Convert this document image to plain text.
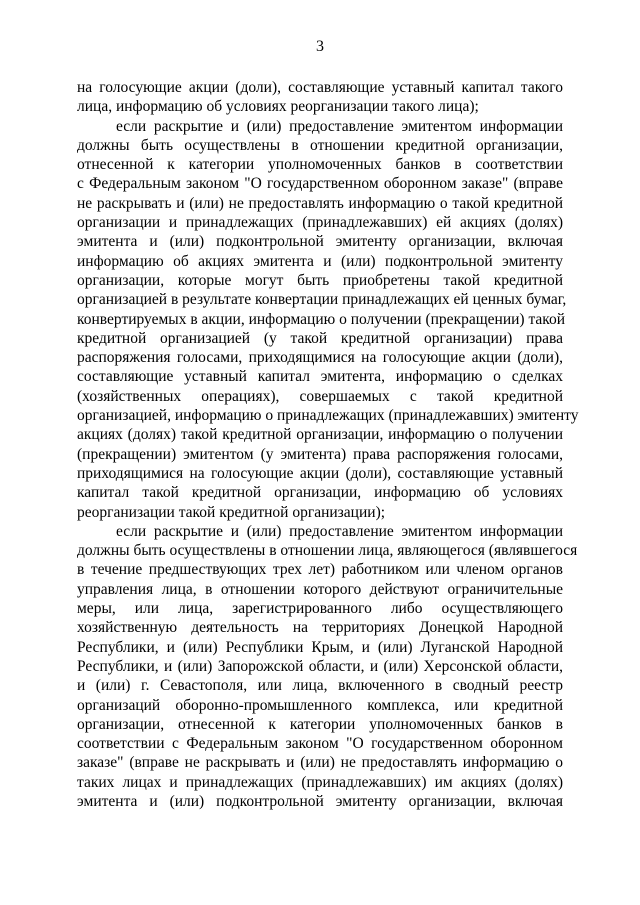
3
на голосующие акции (доли), составляющие уставный капитал такого
лица, информацию об условиях реорганизации такого лица);
если раскрытие и (или) предоставление эмитентом информации
должны быть осуществлены в отношении кредитной организации,
отнесенной к категории уполномоченных банков в соответствии
с Федеральным законом "О государственном оборонном заказе" (вправе
не раскрывать и (или) не предоставлять информацию о такой кредитной
организации и принадлежащих (принадлежавших) ей акциях (долях)
эмитента и (или) подконтрольной эмитенту организации, включая
информацию об акциях эмитента и (или) подконтрольной эмитенту
организации, которые могут быть приобретены такой кредитной
организацией в результате конвертации принадлежащих ей ценных бумаг,
конвертируемых в акции, информацию о получении (прекращении) такой
кредитной организацией (у такой кредитной организации) права
распоряжения голосами, приходящимися на голосующие акции (доли),
составляющие уставный капитал эмитента, информацию о сделках
(хозяйственных операциях), совершаемых с такой кредитной
организацией, информацию о принадлежащих (принадлежавших) эмитенту
акциях (долях) такой кредитной организации, информацию о получении
(прекращении) эмитентом (у эмитента) права распоряжения голосами,
приходящимися на голосующие акции (доли), составляющие уставный
капитал такой кредитной организации, информацию об условиях
реорганизации такой кредитной организации);
если раскрытие и (или) предоставление эмитентом информации
должны быть осуществлены в отношении лица, являющегося (являвшегося
в течение предшествующих трех лет) работником или членом органов
управления лица, в отношении которого действуют ограничительные
меры, или лица, зарегистрированного либо осуществляющего
хозяйственную деятельность на территориях Донецкой Народной
Республики, и (или) Республики Крым, и (или) Луганской Народной
Республики, и (или) Запорожской области, и (или) Херсонской области,
и (или) г. Севастополя, или лица, включенного в сводный реестр
организаций оборонно-промышленного комплекса, или кредитной
организации, отнесенной к категории уполномоченных банков в
соответствии с Федеральным законом "О государственном оборонном
заказе" (вправе не раскрывать и (или) не предоставлять информацию о
таких лицах и принадлежащих (принадлежавших) им акциях (долях)
эмитента и (или) подконтрольной эмитенту организации, включая
